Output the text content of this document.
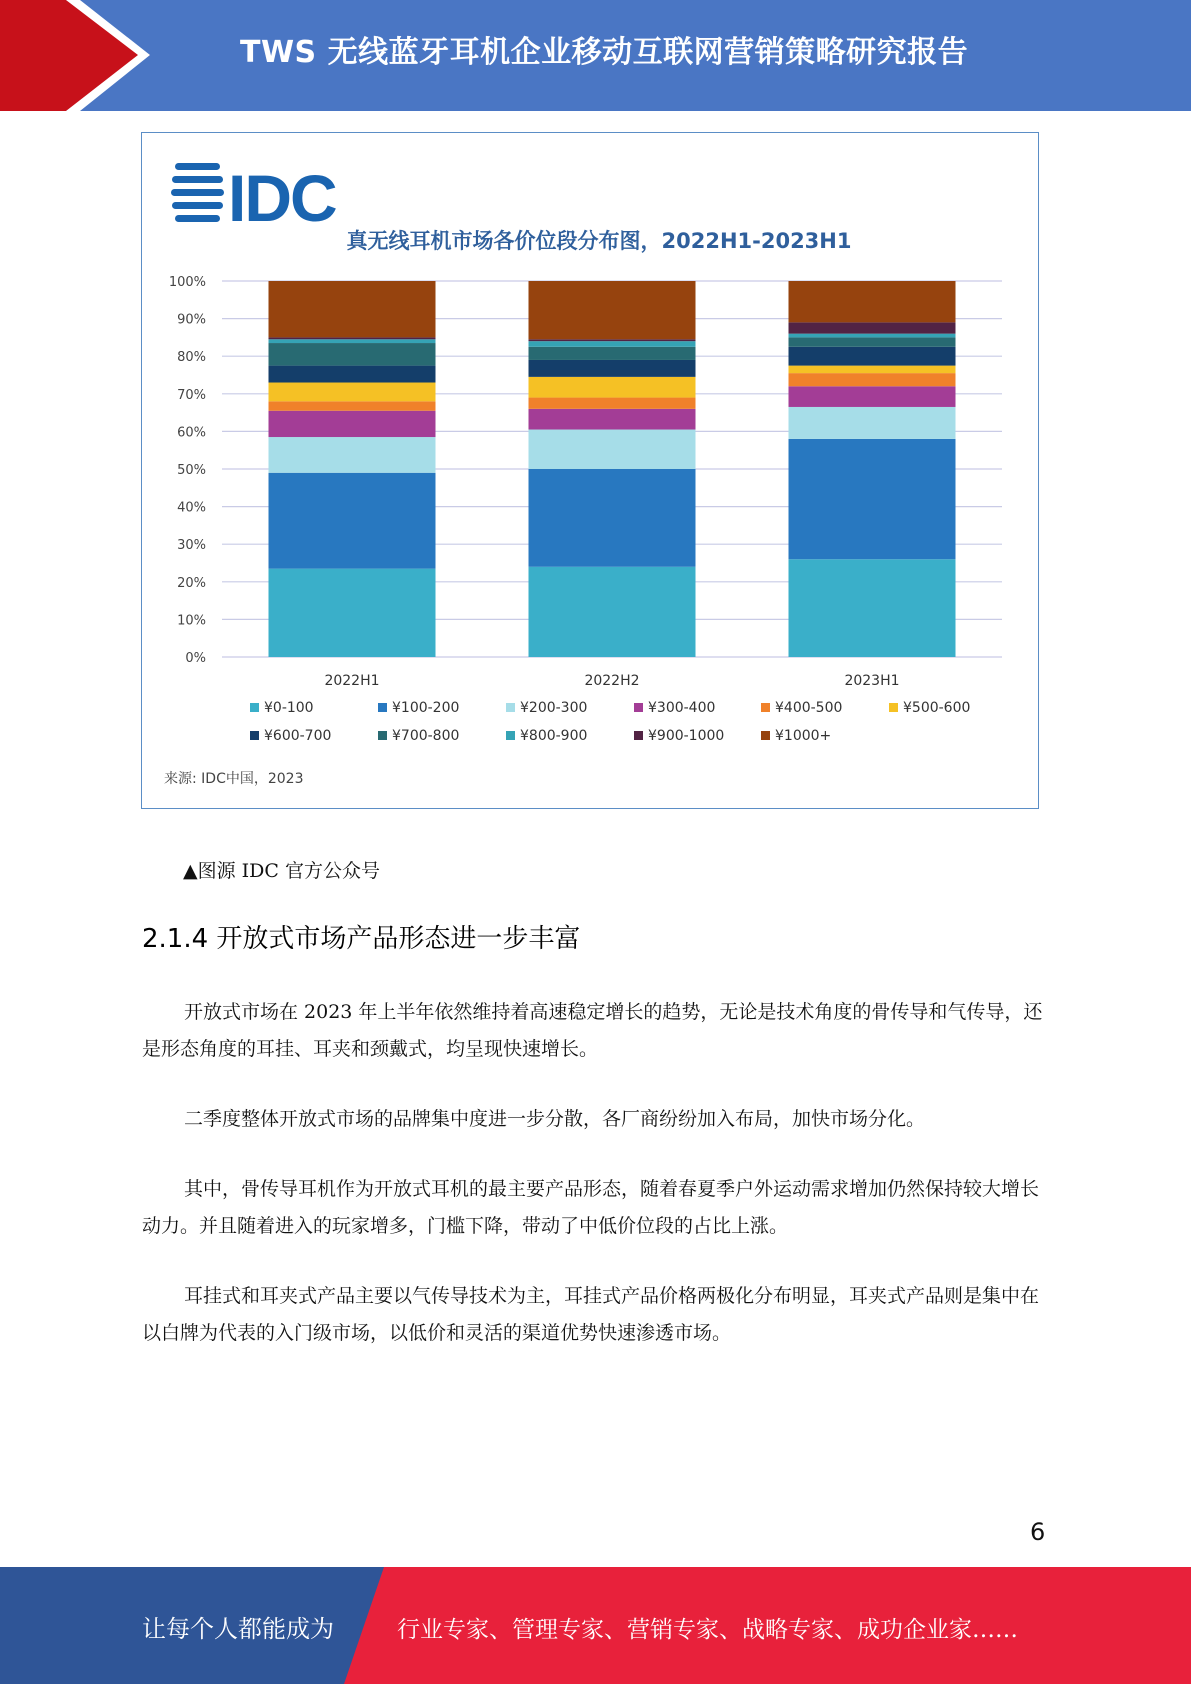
TWS 无线蓝牙耳机企业移动互联网营销策略研究报告
IDC
真无线耳机市场各价位段分布图，2022H1-2023H1
0%
10%
20%
30%
40%
50%
60%
70%
80%
90%
100%
2022H1	2022H2	2023H1
¥0-100	¥100-200	¥200-300	¥300-400	¥400-500	¥500-600
¥600-700	¥700-800	¥800-900	¥900-1000	¥1000+
来源: IDC中国，2023
▲图源 IDC 官方公众号
2.1.4 开放式市场产品形态进一步丰富

开放式市场在 2023 年上半年依然维持着高速稳定增长的趋势，无论是技术角度的骨传导和气传导，还是形态角度的耳挂、耳夹和颈戴式，均呈现快速增长。

二季度整体开放式市场的品牌集中度进一步分散，各厂商纷纷加入布局，加快市场分化。

其中，骨传导耳机作为开放式耳机的最主要产品形态，随着春夏季户外运动需求增加仍然保持较大增长动力。并且随着进入的玩家增多，门槛下降，带动了中低价位段的占比上涨。

耳挂式和耳夹式产品主要以气传导技术为主，耳挂式产品价格两极化分布明显，耳夹式产品则是集中在以白牌为代表的入门级市场，以低价和灵活的渠道优势快速渗透市场。

6
让每个人都能成为	行业专家、管理专家、营销专家、战略专家、成功企业家……
